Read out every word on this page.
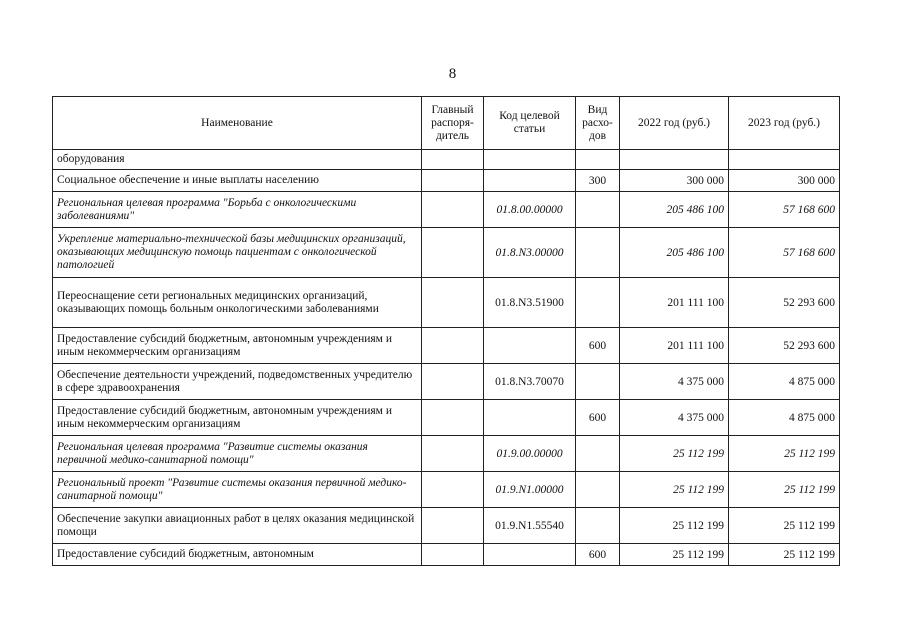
8
Наименование	Главный распоря-дитель	Код целевой статьи	Вид расхо-дов	2022 год (руб.)	2023 год (руб.)
оборудования					
Социальное обеспечение и иные выплаты населению			300	300 000	300 000
Региональная целевая программа "Борьба с онкологическими заболеваниями"		01.8.00.00000		205 486 100	57 168 600
Укрепление материально-технической базы медицинских организаций, оказывающих медицинскую помощь пациентам с онкологической патологией		01.8.N3.00000		205 486 100	57 168 600
Переоснащение сети региональных медицинских организаций, оказывающих помощь больным онкологическими заболеваниями		01.8.N3.51900		201 111 100	52 293 600
Предоставление субсидий бюджетным, автономным учреждениям и иным некоммерческим организациям			600	201 111 100	52 293 600
Обеспечение деятельности учреждений, подведомственных учредителю в сфере здравоохранения		01.8.N3.70070		4 375 000	4 875 000
Предоставление субсидий бюджетным, автономным учреждениям и иным некоммерческим организациям			600	4 375 000	4 875 000
Региональная целевая программа "Развитие системы оказания первичной медико-санитарной помощи"		01.9.00.00000		25 112 199	25 112 199
Региональный проект "Развитие системы оказания первичной медико-санитарной помощи"		01.9.N1.00000		25 112 199	25 112 199
Обеспечение закупки авиационных работ в целях оказания медицинской помощи		01.9.N1.55540		25 112 199	25 112 199
Предоставление субсидий бюджетным, автономным			600	25 112 199	25 112 199
